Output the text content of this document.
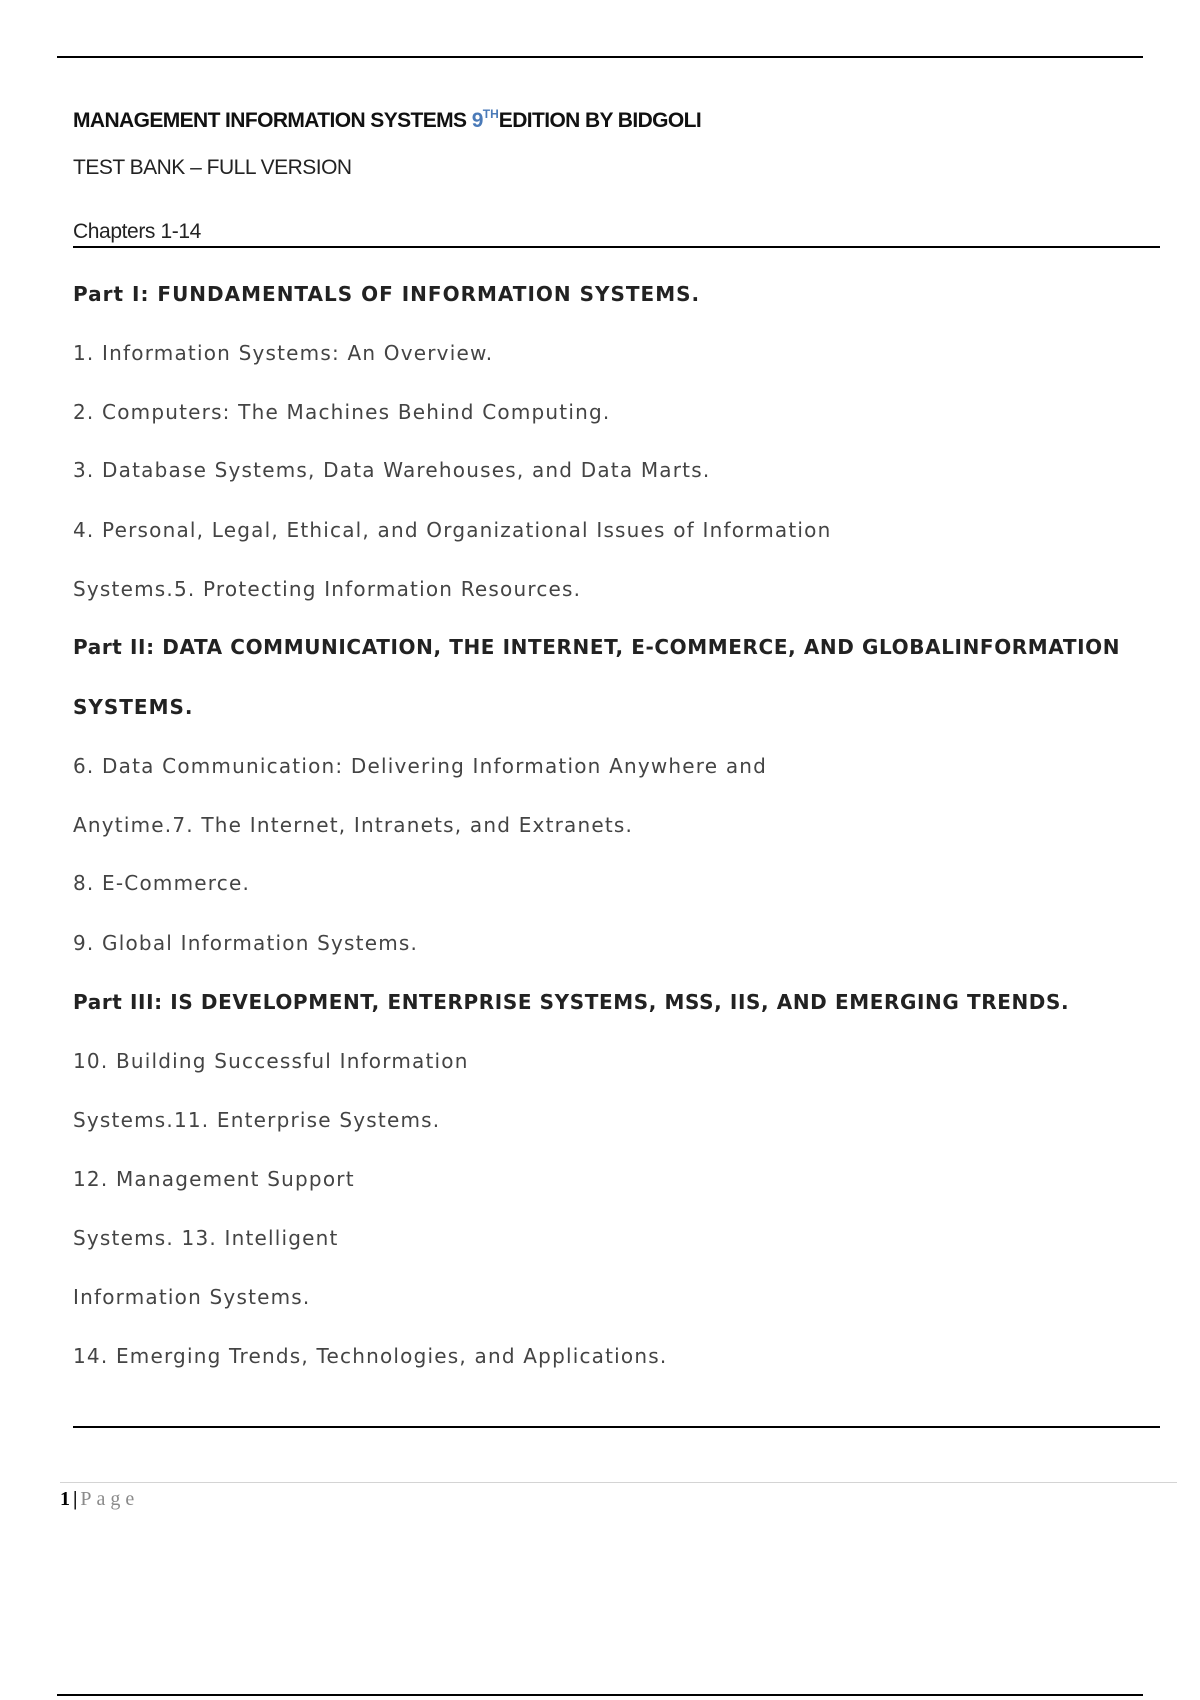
MANAGEMENT INFORMATION SYSTEMS 9THEDITION BY BIDGOLI
TEST BANK – FULL VERSION
Chapters 1-14
Part I: FUNDAMENTALS OF INFORMATION SYSTEMS.
1. Information Systems: An Overview.
2. Computers: The Machines Behind Computing.
3. Database Systems, Data Warehouses, and Data Marts.
4. Personal, Legal, Ethical, and Organizational Issues of Information
Systems.5. Protecting Information Resources.
Part II: DATA COMMUNICATION, THE INTERNET, E-COMMERCE, AND GLOBALINFORMATION
SYSTEMS.
6. Data Communication: Delivering Information Anywhere and
Anytime.7. The Internet, Intranets, and Extranets.
8. E-Commerce.
9. Global Information Systems.
Part III: IS DEVELOPMENT, ENTERPRISE SYSTEMS, MSS, IIS, AND EMERGING TRENDS.
10. Building Successful Information
Systems.11. Enterprise Systems.
12. Management Support
Systems. 13. Intelligent
Information Systems.
14. Emerging Trends, Technologies, and Applications.
1 | Page
